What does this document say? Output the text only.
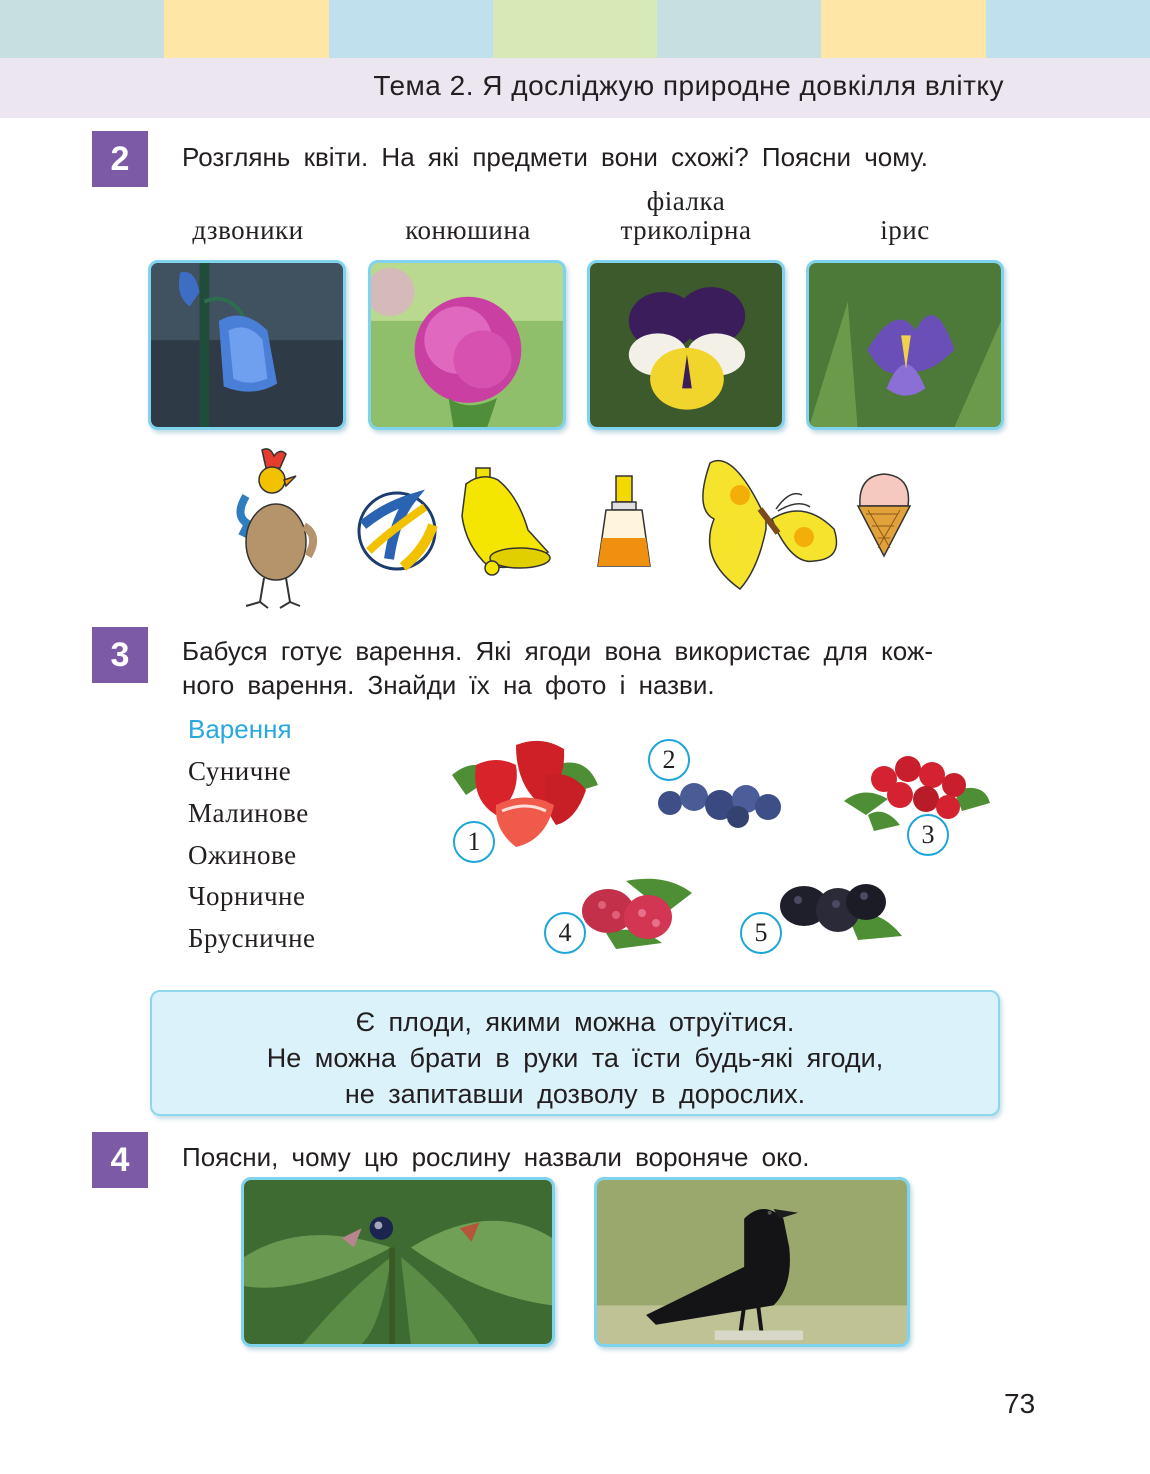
Тема 2. Я досліджую природне довкілля влітку
2	Розглянь квіти. На які предмети вони схожі? Поясни чому.
дзвоники	конюшина
фіалка
триколірна	ірис
3	Бабуся готує варення. Які ягоди вона використає для кож-
ного варення. Знайди їх на фото і назви.
Варення
Суничне
Малинове
Ожинове
Чорничне
Брусничне
1
2
3
4	5
Є плоди, якими можна отруїтися.
Не можна брати в руки та їсти будь-які ягоди,
не запитавши дозволу в дорослих.
4	Поясни, чому цю рослину назвали вороняче око.
73
